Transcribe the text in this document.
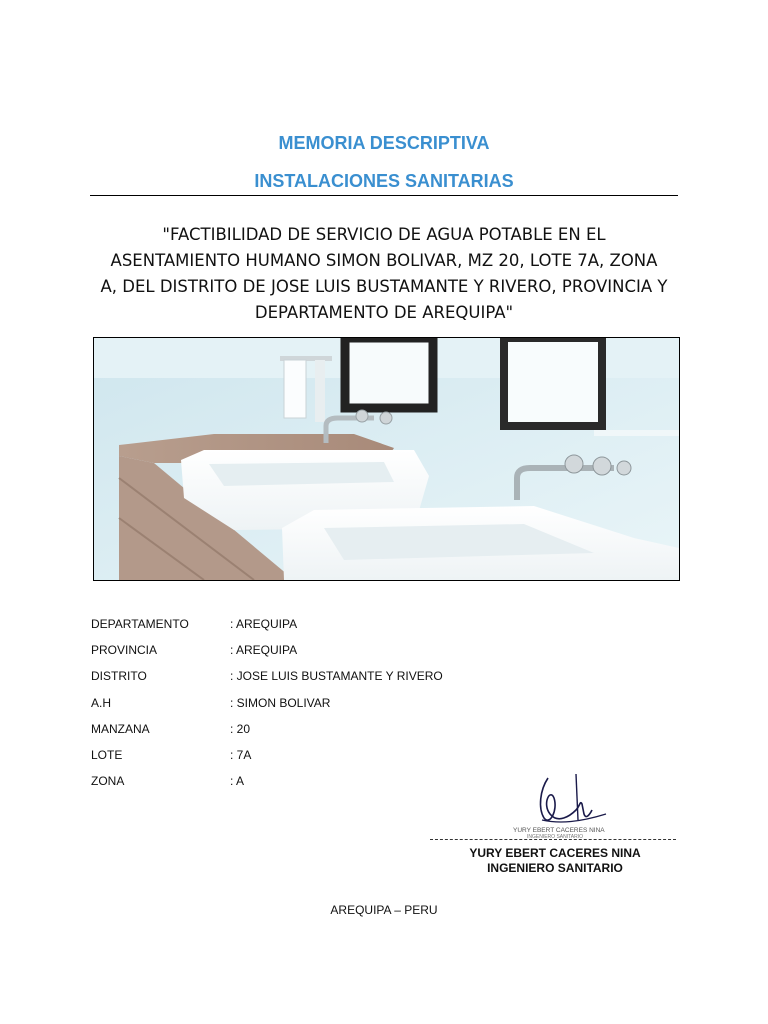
MEMORIA DESCRIPTIVA
INSTALACIONES SANITARIAS
"FACTIBILIDAD DE SERVICIO DE AGUA POTABLE EN EL
ASENTAMIENTO HUMANO SIMON BOLIVAR, MZ 20, LOTE 7A, ZONA
A, DEL DISTRITO DE JOSE LUIS BUSTAMANTE Y RIVERO, PROVINCIA Y
DEPARTAMENTO DE AREQUIPA"
DEPARTAMENTO	: AREQUIPA
PROVINCIA	: AREQUIPA
DISTRITO	: JOSE LUIS BUSTAMANTE Y RIVERO
A.H	: SIMON BOLIVAR
MANZANA	: 20
LOTE	: 7A
ZONA	: A
YURY EBERT CACERES NINA
INGENIERO SANITARIO
YURY EBERT CACERES NINA
INGENIERO SANITARIO
AREQUIPA – PERU
